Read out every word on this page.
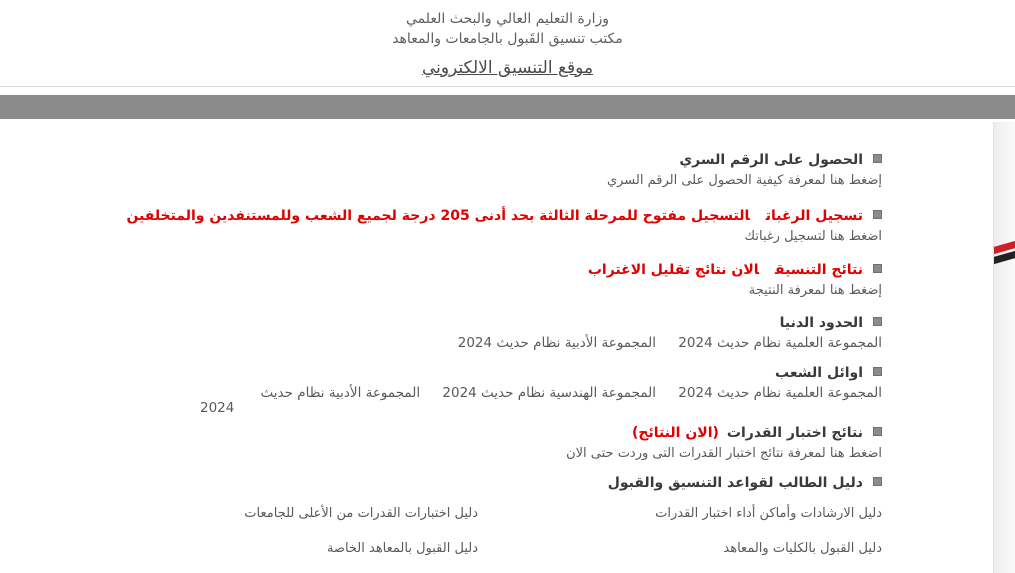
وزارة التعليم العالي والبحث العلمي
مكتب تنسيق القَبول بالجامعات والمعاهد
موقع التنسيق الالكتروني
الحصول على الرقم السري
إضغط هنا لمعرفة كيفية الحصول على الرقم السري
تسجيل الرغباتالتسجيل مفتوح للمرحلة الثالثة بحد أدنى 205 درجة لجميع الشعب وللمستنفدين والمتخلفين
اضغط هنا لتسجيل رغباتك
نتائج التنسيقالان نتائج تقليل الاغتراب
إضغط هنا لمعرفة النتيجة
الحدود الدنيا
المجموعة العلمية نظام حديث 2024 المجموعة الأدبية نظام حديث 2024
اوائل الشعب
المجموعة العلمية نظام حديث 2024 المجموعة الهندسية نظام حديث 2024 المجموعة الأدبية نظام حديث
2024
نتائج اختبار القدرات(الان النتائج)
اضغط هنا لمعرفة نتائج اختبار القدرات التى وردت حتى الان
دليل الطالب لقواعد التنسيق والقبول
دليل الارشادات وأماكن أداء اختبار القدرات
دليل اختبارات القدرات من الأعلى للجامعات
دليل القبول بالكليات والمعاهد
دليل القبول بالمعاهد الخاصة
